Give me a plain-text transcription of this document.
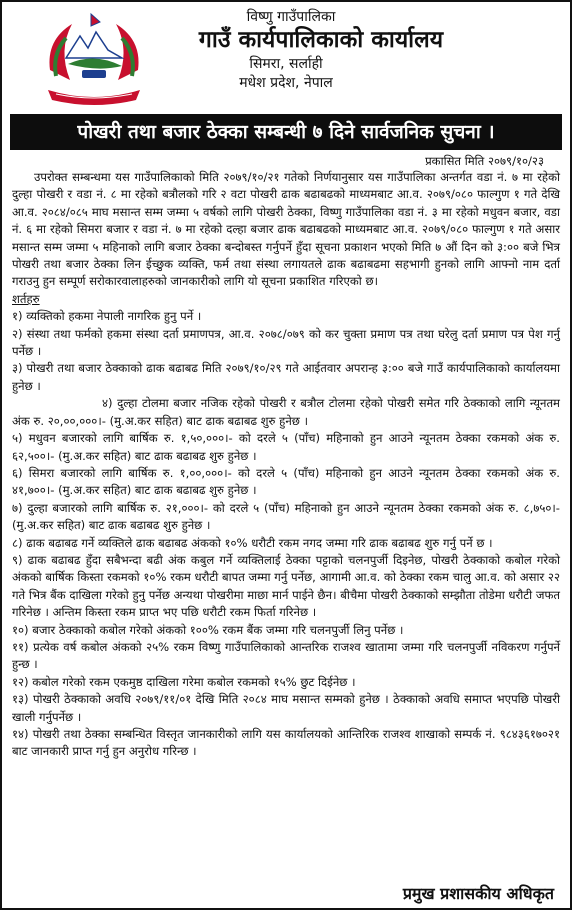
विष्णु गाउँपालिका
गाउँ कार्यपालिकाको कार्यालय
सिमरा, सर्लाही
मधेश प्रदेश, नेपाल
पोखरी तथा बजार ठेक्का सम्बन्धी ७ दिने सार्वजनिक सुचना ।
प्रकासित मिति २०७९/१०/२३

उपरोक्त सम्बन्धमा यस गाउँपालिकाको मिति २०७९/१०/२१ गतेको निर्णयानुसार यस गाउँपालिका अन्तर्गत वडा नं. ७ मा रहेको दुल्हा पोखरी र वडा नं. ८ मा रहेको बत्रौलको गरि २ वटा पोखरी ढाक बढाबढको माध्यमबाट आ.व. २०७९/०८० फाल्गुण १ गते देखि आ.व. २०८४/०८५ माघ मसान्त सम्म जम्मा ५ वर्षको लागि पोखरी ठेक्का, विष्णु गाउँपालिका वडा नं. ३ मा रहेको मधुवन बजार, वडा नं. ६ मा रहेको सिमरा बजार र वडा नं. ७ मा रहेको दल्हा बजार ढाक बढाबढको माध्यमबाट आ.व. २०७९/०८० फाल्गुण १ गते असार मसान्त सम्म जम्मा ५ महिनाको लागि बजार ठेक्का बन्दोबस्त गर्नुपर्ने हुँदा सूचना प्रकाशन भएको मिति ७ औं दिन को ३:०० बजे भित्र पोखरी तथा बजार ठेक्का लिन ईच्छुक व्यक्ति, फर्म तथा संस्था लगायतले ढाक बढाबढमा सहभागी हुनको लागि आफ्नो नाम दर्ता गराउनु हुन सम्पूर्ण सरोकारवालाहरुको जानकारीको लागि यो सूचना प्रकाशित गरिएको छ।

शर्तहरु

१) व्यक्तिको हकमा नेपाली नागरिक हुनु पर्ने ।

२) संस्था तथा फर्मको हकमा संस्था दर्ता प्रमाणपत्र, आ.व. २०७८/०७९ को कर चुक्ता प्रमाण पत्र तथा घरेलु दर्ता प्रमाण पत्र पेश गर्नु पर्नेछ ।

३) पोखरी तथा बजार ठेक्काको ढाक बढाबढ मिति २०७९/१०/२९ गते आईतवार अपरान्ह ३:०० बजे गाउँ कार्यपालिकाको कार्यालयमा हुनेछ ।

४) दुल्हा टोलमा बजार नजिक रहेको पोखरी र बत्रौल टोलमा रहेको पोखरी समेत गरि ठेक्काको लागि न्यूनतम अंक रु. २०,००,०००।- (मु.अ.कर सहित) बाट ढाक बढाबढ शुरु हुनेछ ।

५) मधुवन बजारको लागि बार्षिक रु. १,५०,०००।- को दरले ५ (पाँच) महिनाको हुन आउने न्यूनतम ठेक्का रकमको अंक रु. ६२,५००।- (मु.अ.कर सहित) बाट ढाक बढाबढ शुरु हुनेछ ।

६) सिमरा बजारको लागि बार्षिक रु. १,००,०००।- को दरले ५ (पाँच) महिनाको हुन आउने न्यूनतम ठेक्का रकमको अंक रु. ४१,७००।- (मु.अ.कर सहित) बाट ढाक बढाबढ शुरु हुनेछ ।

७) दुल्हा बजारको लागि बार्षिक रु. २१,०००।- को दरले ५ (पाँच) महिनाको हुन आउने न्यूनतम ठेक्का रकमको अंक रु. ८,७५०।- (मु.अ.कर सहित) बाट ढाक बढाबढ शुरु हुनेछ ।

८) ढाक बढाबढ गर्ने व्यक्तिले ढाक बढाबढ अंकको १०% धरौटी रकम नगद जम्मा गरि ढाक बढाबढ शुरु गर्नु पर्ने छ ।

९) ढाक बढाबढ हुँदा सबैभन्दा बढी अंक कबुल गर्ने व्यक्तिलाई ठेक्का पट्टाको चलनपुर्जी दिइनेछ, पोखरी ठेक्काको कबोल गरेको अंकको बार्षिक किस्ता रकमको १०% रकम धरौटी बापत जम्मा गर्नु पर्नेछ, आगामी आ.व. को ठेक्का रकम चालु आ.व. को असार २२ गते भित्र बैंक दाखिला गरेको हुनु पर्नेछ अन्यथा पोखरीमा माछा मार्न पाईने छैन। बीचैमा पोखरी ठेक्काको सम्झौता तोडेमा धरौटी जफत गरिनेछ । अन्तिम किस्ता रकम प्राप्त भए पछि धरौटी रकम फिर्ता गरिनेछ ।

१०) बजार ठेक्काको कबोल गरेको अंकको १००% रकम बैंक जम्मा गरि चलनपुर्जी लिनु पर्नेछ ।

११) प्रत्येक वर्ष कबोल अंकको २५% रकम विष्णु गाउँपालिकाको आन्तरिक राजश्व खातामा जम्मा गरि चलनपुर्जी नविकरण गर्नुपर्ने हुन्छ ।

१२) कबोल गरेको रकम एकमुष्ठ दाखिला गरेमा कबोल रकमको १५% छुट दिईनेछ ।

१३) पोखरी ठेक्काको अवधि २०७९/११/०१ देखि मिति २०८४ माघ मसान्त सम्मको हुनेछ । ठेक्काको अवधि समाप्त भएपछि पोखरी खाली गर्नुपर्नेछ ।

१४) पोखरी तथा ठेक्का सम्बन्धित विस्तृत जानकारीको लागि यस कार्यालयको आन्तिरिक राजश्व शाखाको सम्पर्क नं. ९८४३६१७०२१ बाट जानकारी प्राप्त गर्नु हुन अनुरोध गरिन्छ ।

प्रमुख प्रशासकीय अधिकृत
